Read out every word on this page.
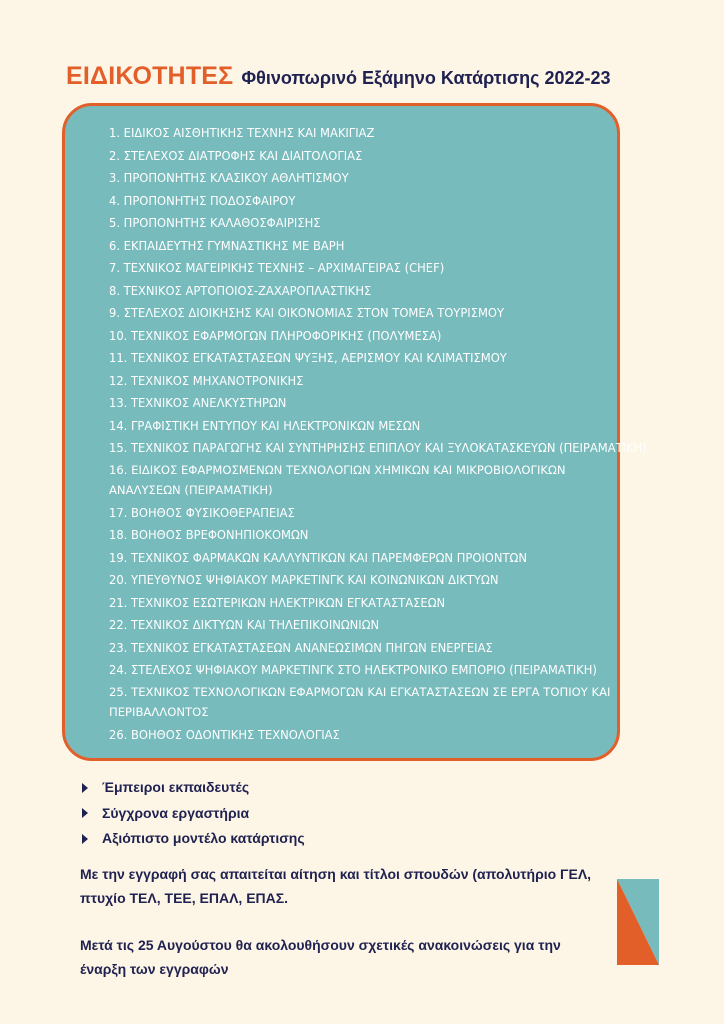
ΕΙΔΙΚΟΤΗΤΕΣ Φθινοπωρινό Εξάμηνο Κατάρτισης 2022-23
1. ΕΙΔΙΚΟΣ ΑΙΣΘΗΤΙΚΗΣ ΤΕΧΝΗΣ ΚΑΙ ΜΑΚΙΓΙΑΖ
2. ΣΤΕΛΕΧΟΣ ΔΙΑΤΡΟΦΗΣ ΚΑΙ ΔΙΑΙΤΟΛΟΓΙΑΣ
3. ΠΡΟΠΟΝΗΤΗΣ ΚΛΑΣΙΚΟΥ ΑΘΛΗΤΙΣΜΟΥ
4. ΠΡΟΠΟΝΗΤΗΣ ΠΟΔΟΣΦΑΙΡΟΥ
5. ΠΡΟΠΟΝΗΤΗΣ ΚΑΛΑΘΟΣΦΑΙΡΙΣΗΣ
6. ΕΚΠΑΙΔΕΥΤΗΣ ΓΥΜΝΑΣΤΙΚΗΣ ΜΕ ΒΑΡΗ
7. ΤΕΧΝΙΚΟΣ ΜΑΓΕΙΡΙΚΗΣ ΤΕΧΝΗΣ – ΑΡΧΙΜΑΓΕΙΡΑΣ (CHEF)
8. ΤΕΧΝΙΚΟΣ ΑΡΤΟΠΟΙΟΣ-ΖΑΧΑΡΟΠΛΑΣΤΙΚΗΣ
9. ΣΤΕΛΕΧΟΣ ΔΙΟΙΚΗΣΗΣ ΚΑΙ ΟΙΚΟΝΟΜΙΑΣ ΣΤΟΝ ΤΟΜΕΑ ΤΟΥΡΙΣΜΟΥ
10. ΤΕΧΝΙΚΟΣ ΕΦΑΡΜΟΓΩΝ ΠΛΗΡΟΦΟΡΙΚΗΣ (ΠΟΛΥΜΕΣΑ)
11. ΤΕΧΝΙΚΟΣ ΕΓΚΑΤΑΣΤΑΣΕΩΝ ΨΥΞΗΣ, ΑΕΡΙΣΜΟΥ ΚΑΙ ΚΛΙΜΑΤΙΣΜΟΥ
12. ΤΕΧΝΙΚΟΣ ΜΗΧΑΝΟΤΡΟΝΙΚΗΣ
13. ΤΕΧΝΙΚΟΣ ΑΝΕΛΚΥΣΤΗΡΩΝ
14. ΓΡΑΦΙΣΤΙΚΗ ΕΝΤΥΠΟΥ ΚΑΙ ΗΛΕΚΤΡΟΝΙΚΩΝ ΜΕΣΩΝ
15. ΤΕΧΝΙΚΟΣ ΠΑΡΑΓΩΓΗΣ ΚΑΙ ΣΥΝΤΗΡΗΣΗΣ ΕΠΙΠΛΟΥ ΚΑΙ ΞΥΛΟΚΑΤΑΣΚΕΥΩΝ (ΠΕΙΡΑΜΑΤΙΚΗ)
16. ΕΙΔΙΚΟΣ ΕΦΑΡΜΟΣΜΕΝΩΝ ΤΕΧΝΟΛΟΓΙΩΝ ΧΗΜΙΚΩΝ ΚΑΙ ΜΙΚΡΟΒΙΟΛΟΓΙΚΩΝ ΑΝΑΛΥΣΕΩΝ (ΠΕΙΡΑΜΑΤΙΚΗ)
17. ΒΟΗΘΟΣ ΦΥΣΙΚΟΘΕΡΑΠΕΙΑΣ
18. ΒΟΗΘΟΣ ΒΡΕΦΟΝΗΠΙΟΚΟΜΩΝ
19. ΤΕΧΝΙΚΟΣ ΦΑΡΜΑΚΩΝ ΚΑΛΛΥΝΤΙΚΩΝ ΚΑΙ ΠΑΡΕΜΦΕΡΩΝ ΠΡΟΙΟΝΤΩΝ
20. ΥΠΕΥΘΥΝΟΣ ΨΗΦΙΑΚΟΥ ΜΑΡΚΕΤΙΝΓΚ ΚΑΙ ΚΟΙΝΩΝΙΚΩΝ ΔΙΚΤΥΩΝ
21. ΤΕΧΝΙΚΟΣ ΕΣΩΤΕΡΙΚΩΝ ΗΛΕΚΤΡΙΚΩΝ ΕΓΚΑΤΑΣΤΑΣΕΩΝ
22. ΤΕΧΝΙΚΟΣ ΔΙΚΤΥΩΝ ΚΑΙ ΤΗΛΕΠΙΚΟΙΝΩΝΙΩΝ
23. ΤΕΧΝΙΚΟΣ ΕΓΚΑΤΑΣΤΑΣΕΩΝ ΑΝΑΝΕΩΣΙΜΩΝ ΠΗΓΩΝ ΕΝΕΡΓΕΙΑΣ
24. ΣΤΕΛΕΧΟΣ ΨΗΦΙΑΚΟΥ ΜΑΡΚΕΤΙΝΓΚ ΣΤΟ ΗΛΕΚΤΡΟΝΙΚΟ ΕΜΠΟΡΙΟ (ΠΕΙΡΑΜΑΤΙΚΗ)
25. ΤΕΧΝΙΚΟΣ ΤΕΧΝΟΛΟΓΙΚΩΝ ΕΦΑΡΜΟΓΩΝ ΚΑΙ ΕΓΚΑΤΑΣΤΑΣΕΩΝ ΣΕ ΕΡΓΑ ΤΟΠΙΟΥ ΚΑΙ ΠΕΡΙΒΑΛΛΟΝΤΟΣ
26. ΒΟΗΘΟΣ ΟΔΟΝΤΙΚΗΣ ΤΕΧΝΟΛΟΓΙΑΣ
Έμπειροι εκπαιδευτές
Σύγχρονα εργαστήρια
Αξιόπιστο μοντέλο κατάρτισης
Με την εγγραφή σας απαιτείται αίτηση και τίτλοι σπουδών (απολυτήριο ΓΕΛ, πτυχίο ΤΕΛ, ΤΕΕ, ΕΠΑΛ, ΕΠΑΣ.
Μετά τις 25 Αυγούστου θα ακολουθήσουν σχετικές ανακοινώσεις για την έναρξη των εγγραφών
